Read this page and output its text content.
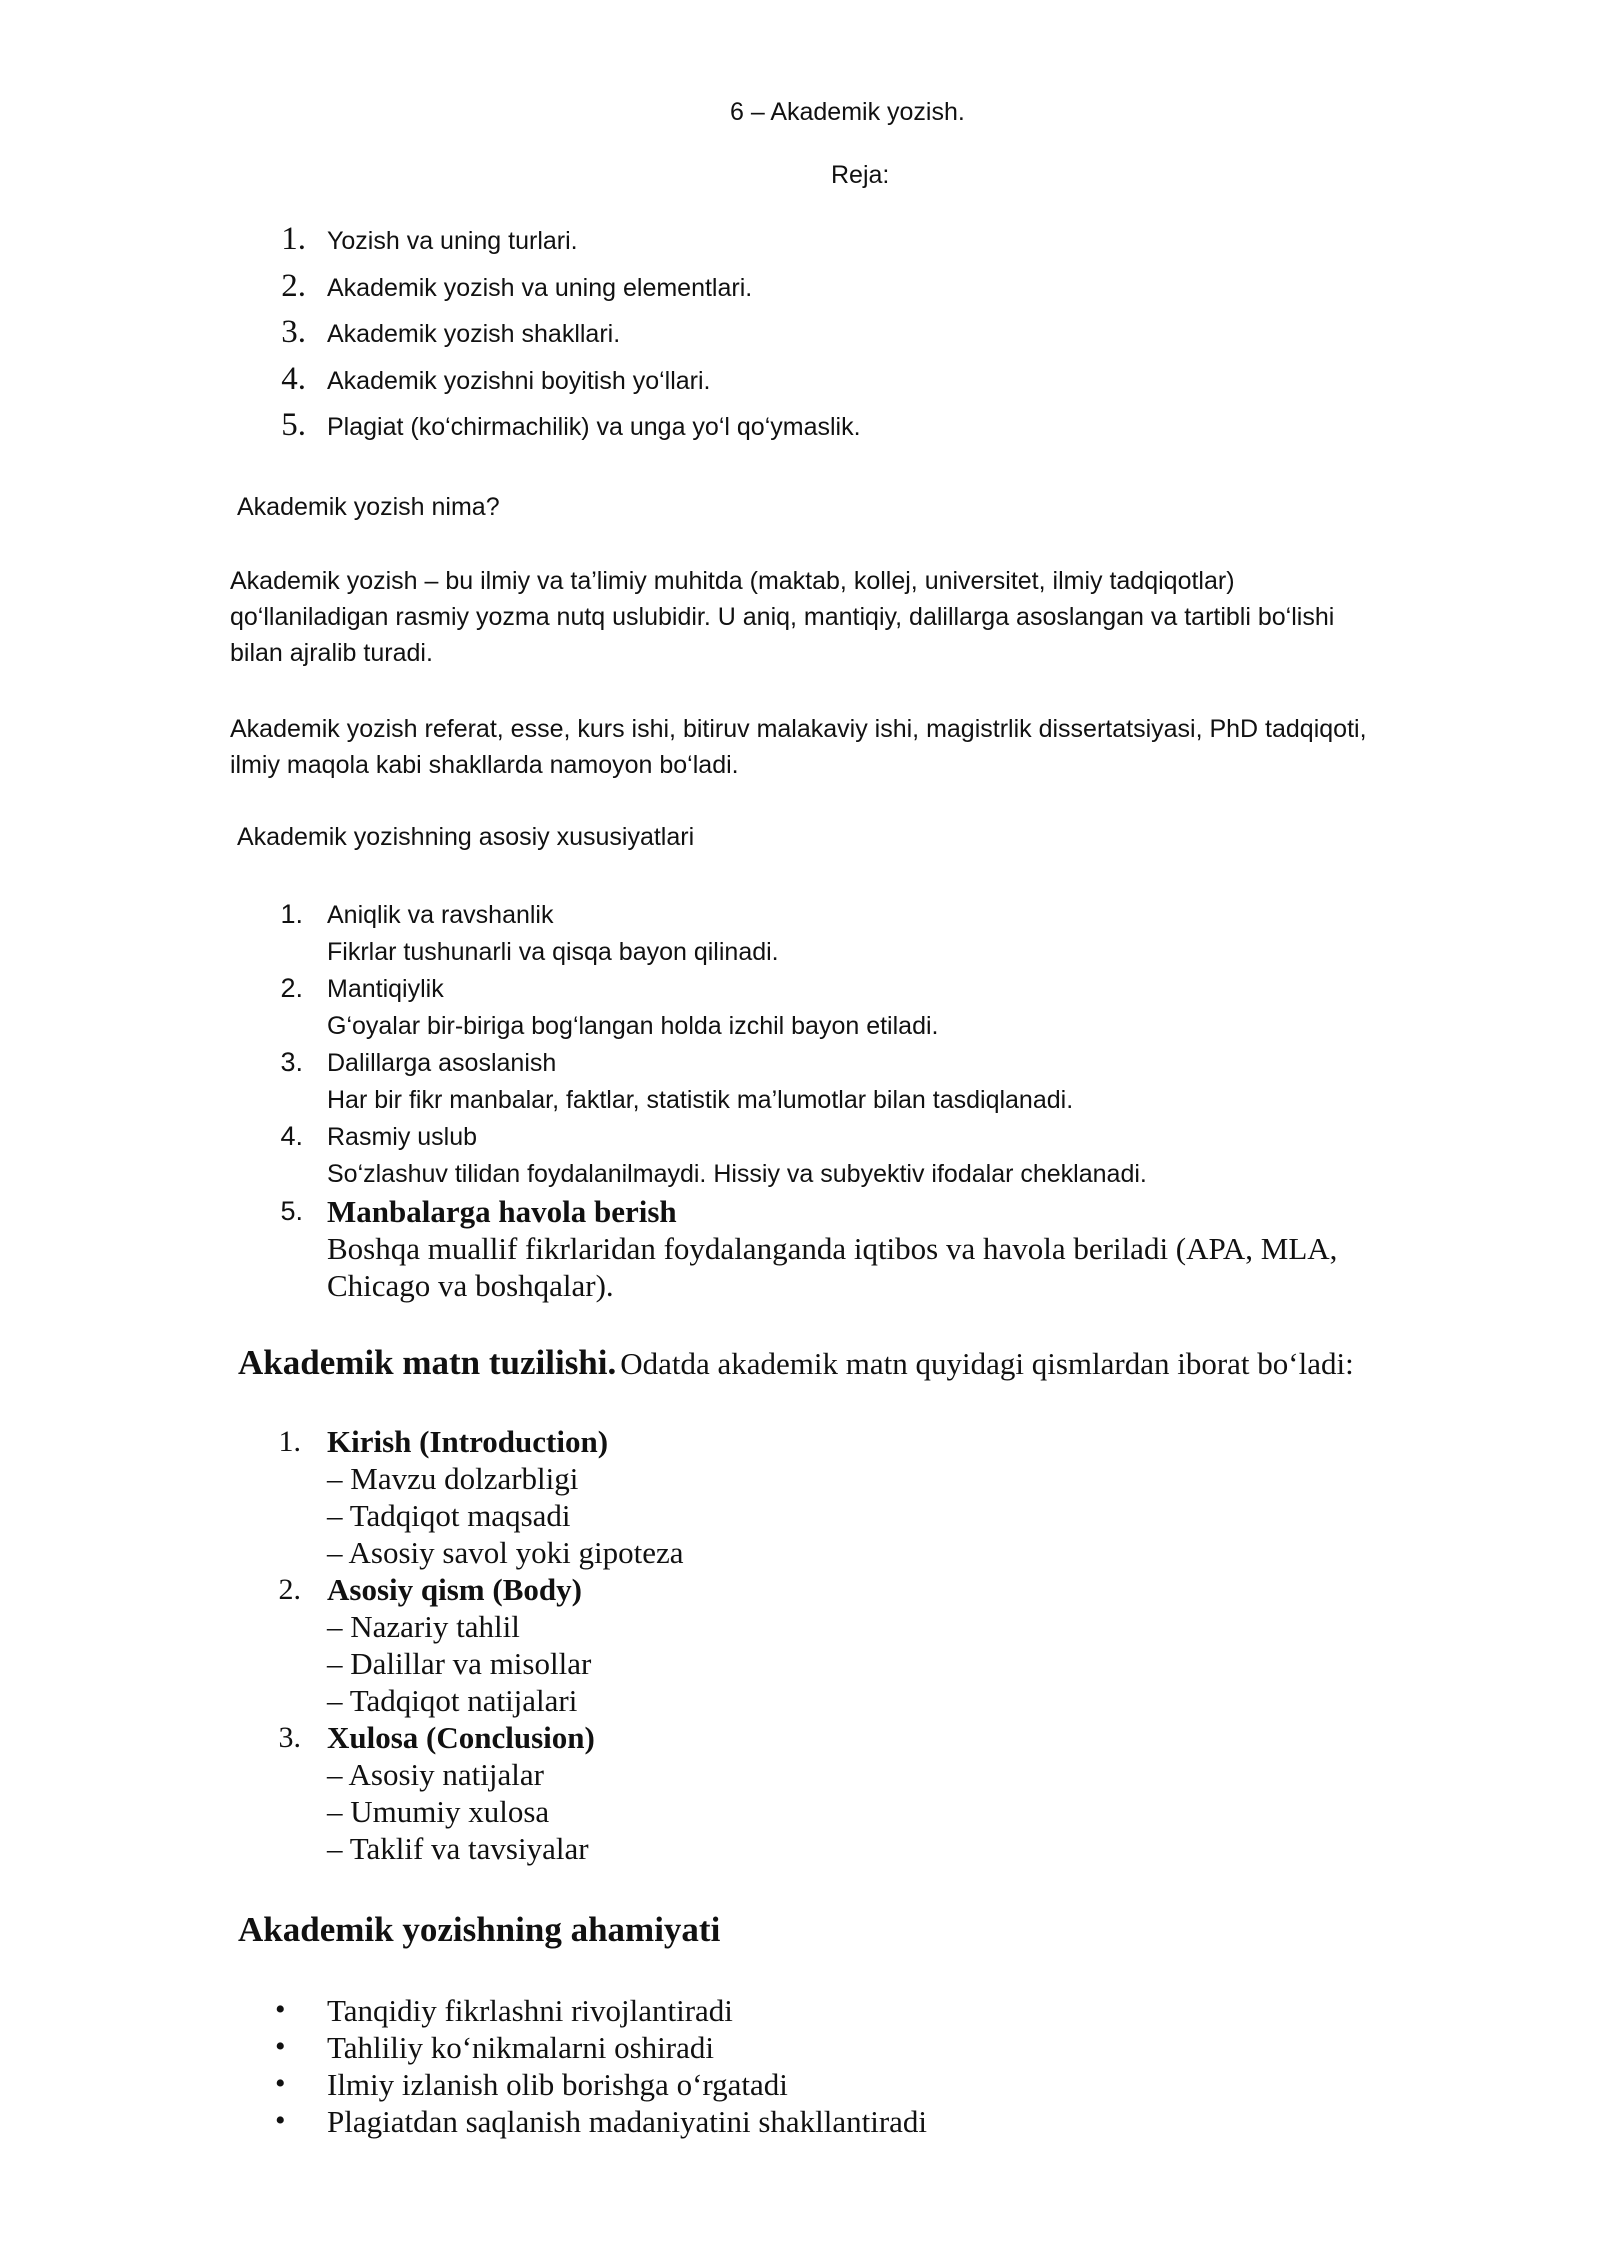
6 – Akademik yozish.
Reja:
1. Yozish va uning turlari.
2. Akademik yozish va uning elementlari.
3. Akademik yozish shakllari.
4. Akademik yozishni boyitish yo‘llari.
5. Plagiat (ko‘chirmachilik) va unga yo‘l qo‘ymaslik.
Akademik yozish nima?
Akademik yozish – bu ilmiy va ta’limiy muhitda (maktab, kollej, universitet, ilmiy tadqiqotlar)
qo‘llaniladigan rasmiy yozma nutq uslubidir. U aniq, mantiqiy, dalillarga asoslangan va tartibli bo‘lishi
bilan ajralib turadi.
Akademik yozish referat, esse, kurs ishi, bitiruv malakaviy ishi, magistrlik dissertatsiyasi, PhD tadqiqoti,
ilmiy maqola kabi shakllarda namoyon bo‘ladi.
Akademik yozishning asosiy xususiyatlari
1. Aniqlik va ravshanlik
Fikrlar tushunarli va qisqa bayon qilinadi.
2. Mantiqiylik
G‘oyalar bir-biriga bog‘langan holda izchil bayon etiladi.
3. Dalillarga asoslanish
Har bir fikr manbalar, faktlar, statistik ma’lumotlar bilan tasdiqlanadi.
4. Rasmiy uslub
So‘zlashuv tilidan foydalanilmaydi. Hissiy va subyektiv ifodalar cheklanadi.
5. Manbalarga havola berish
Boshqa muallif fikrlaridan foydalanganda iqtibos va havola beriladi (APA, MLA,
Chicago va boshqalar).
Akademik matn tuzilishi. Odatda akademik matn quyidagi qismlardan iborat bo‘ladi:
1. Kirish (Introduction)
– Mavzu dolzarbligi
– Tadqiqot maqsadi
– Asosiy savol yoki gipoteza
2. Asosiy qism (Body)
– Nazariy tahlil
– Dalillar va misollar
– Tadqiqot natijalari
3. Xulosa (Conclusion)
– Asosiy natijalar
– Umumiy xulosa
– Taklif va tavsiyalar
Akademik yozishning ahamiyati
• Tanqidiy fikrlashni rivojlantiradi
• Tahliliy ko‘nikmalarni oshiradi
• Ilmiy izlanish olib borishga o‘rgatadi
• Plagiatdan saqlanish madaniyatini shakllantiradi
